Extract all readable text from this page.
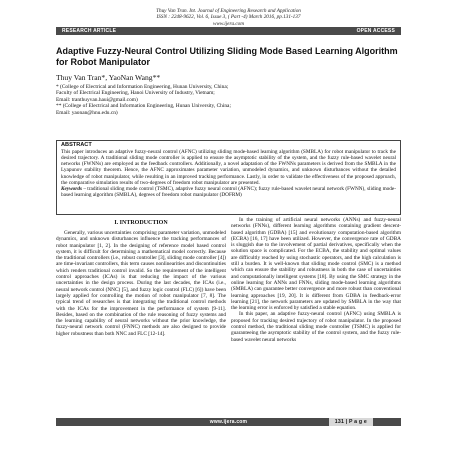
Thuy Van Tran. Int. Journal of Engineering Research and Application
ISSN : 2248-9622, Vol. 6, Issue 3, ( Part -4) March 2016, pp.131-137
www.ijera.com
RESEARCH ARTICLE	OPEN ACCESS
Adaptive Fuzzy-Neural Control Utilizing Sliding Mode Based Learning Algorithm for Robot Manipulator
Thuy Van Tran*, YaoNan Wang**
* (College of Electrical and Information Engineering, Hunan University, China;
Faculty of Electrical Engineering, Hanoi University of Industry, Vietnam;
Email: tranthuyvan.haui@gmail.com)
** (College of Electrical and Information Engineering, Hunan University, China;
Email: yaonan@hnu.edu.cn)
ABSTRACT

This paper introduces an adaptive fuzzy-neural control (AFNC) utilizing sliding mode-based learning algorithm (SMBLA) for robot manipulator to track the desired trajectory. A traditional sliding mode controller is applied to ensure the asymptotic stability of the system, and the fuzzy rule-based wavelet neural networks (FWNNs) are employed as the feedback controllers. Additionally, a novel adaptation of the FWNNs parameters is derived from the SMBLA in the Lyapunov stability theorem. Hence, the AFNC approximates parameter variation, unmodeled dynamics, and unknown disturbances without the detailed knowledge of robot manipulator, while resulting in an improved tracking performance. Lastly, in order to validate the effectiveness of the proposed approach, the comparative simulation results of two-degrees of freedom robot manipulator are presented.

Keywords – traditional sliding mode control (TSMC), adaptive fuzzy neural control (AFNC); fuzzy rule-based wavelet neural network (FWNN), sliding mode-based learning algorithm (SMBLA), degrees of freedom robot manipulator (DOFRM)

I. INTRODUCTION

Generally, various uncertainties comprising parameter variation, unmodeled dynamics, and unknown disturbances influence the tracking performances of robot manipulator [1, 2]. In the designing of reference model based control system, it is difficult for determining a mathematical model correctly. Because the traditional controllers (i.e., robust controller [3], sliding mode controller [4]) are time-invariant controllers, this term causes nonlinearities and discontinuities which renders traditional control invalid. So the requirement of the intelligent control approaches (ICAs) is that reducing the impact of the various uncertainties in the design process. During the last decades, the ICAs (i.e., neural network control (NNC) [5], and fuzzy logic control (FLC) [6]) have been largely applied for controlling the motion of robot manipulator [7, 8]. The typical trend of researches is that integrating the traditional control methods with the ICAs for the improvement in the performance of system [9-11]. Besides, based on the combination of the rule reasoning of fuzzy systems and the learning capability of neural networks without the prior knowledge, the fuzzy-neural network control (FNNC) methods are also designed to provide higher robustness than both NNC and FLC [12-14].

In the training of artificial neural networks (ANNs) and fuzzy-neural networks (FNNs), different learning algorithms containing gradient descent-based algorithm (GDBA) [15] and evolutionary computation-based algorithm (ECBA) [16, 17] have been utilized. However, the convergence rate of GDBA is sluggish due to the involvement of partial derivatives, specifically when the solution space is complicated. For the ECBA, the stability and optimal values are difficultly reached by using stochastic operators, and the high calculation is still a burden. It is well-known that sliding mode control (SMC) is a method which can ensure the stability and robustness in both the case of uncertainties and computationally intelligent systems [18]. By using the SMC strategy in the online learning for ANNs and FNNs, sliding mode-based learning algorithms (SMBLA) can guarantee better convergence and more robust than conventional learning approaches [19, 20]. It is different from GDBA in feedback-error learning [21], the network parameters are updated by SMBLA in the way that the learning error is enforced by satisfied a stable equation.

In this paper, an adaptive fuzzy-neural control (AFNC) using SMBLA is proposed for tracking desired trajectory of robot manipulator. In the proposed control method, the traditional sliding mode controller (TSMC) is applied for guaranteeing the asymptotic stability of the control system, and the fuzzy rule-based wavelet neural networks

www.ijera.com	131 | P a g e
